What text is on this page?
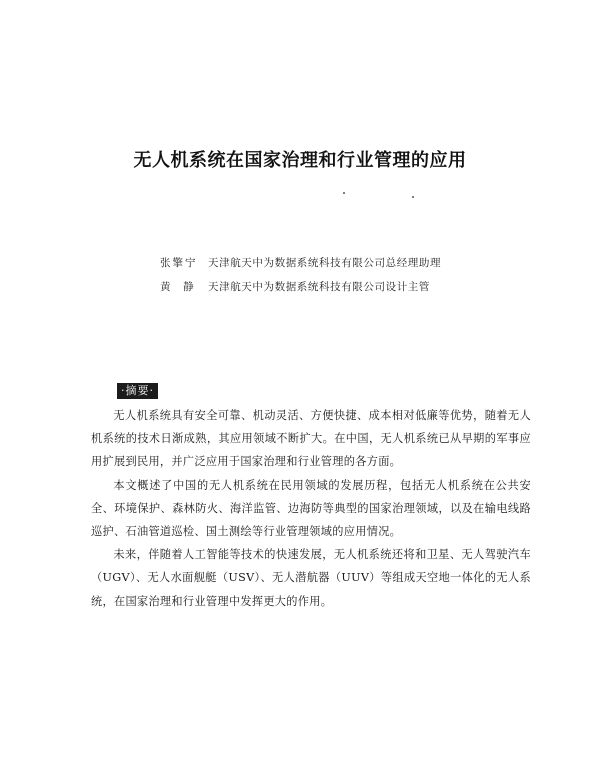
无人机系统在国家治理和行业管理的应用
张擎宁	天津航天中为数据系统科技有限公司总经理助理
黄  静	天津航天中为数据系统科技有限公司设计主管
·摘要·

无人机系统具有安全可靠、机动灵活、方便快捷、成本相对低廉等优势，随着无人机系统的技术日渐成熟，其应用领域不断扩大。在中国，无人机系统已从早期的军事应用扩展到民用，并广泛应用于国家治理和行业管理的各方面。

本文概述了中国的无人机系统在民用领域的发展历程，包括无人机系统在公共安全、环境保护、森林防火、海洋监管、边海防等典型的国家治理领域，以及在输电线路巡护、石油管道巡检、国土测绘等行业管理领域的应用情况。

未来，伴随着人工智能等技术的快速发展，无人机系统还将和卫星、无人驾驶汽车（UGV）、无人水面舰艇（USV）、无人潜航器（UUV）等组成天空地一体化的无人系统，在国家治理和行业管理中发挥更大的作用。
